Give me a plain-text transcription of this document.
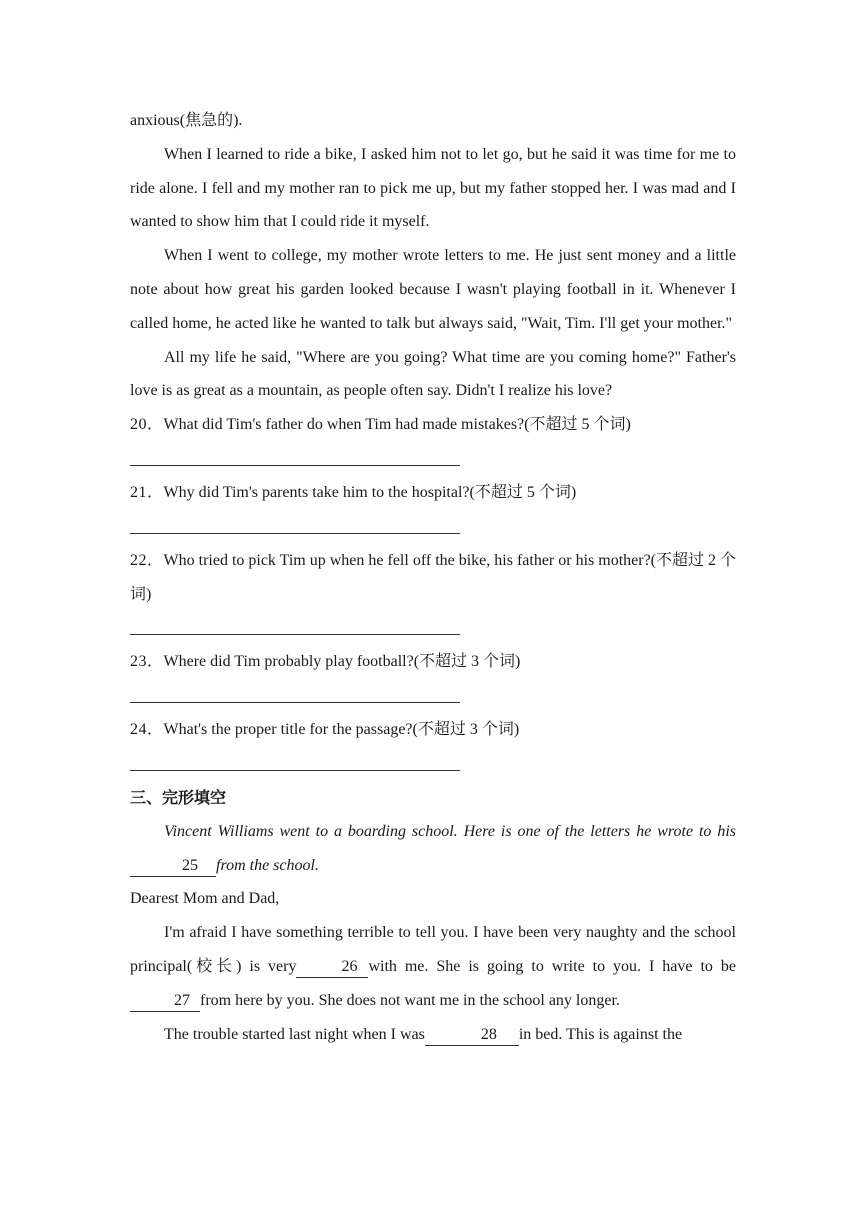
anxious(焦急的).

When I learned to ride a bike, I asked him not to let go, but he said it was time for me to ride alone. I fell and my mother ran to pick me up, but my father stopped her. I was mad and I wanted to show him that I could ride it myself.

When I went to college, my mother wrote letters to me. He just sent money and a little note about how great his garden looked because I wasn't playing football in it. Whenever I called home, he acted like he wanted to talk but always said, "Wait, Tim. I'll get your mother."

All my life he said, "Where are you going? What time are you coming home?" Father's love is as great as a mountain, as people often say. Didn't I realize his love?

20．What did Tim's father do when Tim had made mistakes?(不超过 5 个词)

21．Why did Tim's parents take him to the hospital?(不超过 5 个词)

22．Who tried to pick Tim up when he fell off the bike, his father or his mother?(不超过 2 个词)

23．Where did Tim probably play football?(不超过 3 个词)

24．What's the proper title for the passage?(不超过 3 个词)

三、完形填空

Vincent Williams went to a boarding school. Here is one of the letters he wrote to his25 from the school.

Dearest Mom and Dad,

I'm afraid I have something terrible to tell you. I have been very naughty and the school principal(校长) is very	26 with me. She is going to write to you. I have to be27 from here by you. She does not want me in the school any longer.

The trouble started last night when I was	28 in bed. This is against the
